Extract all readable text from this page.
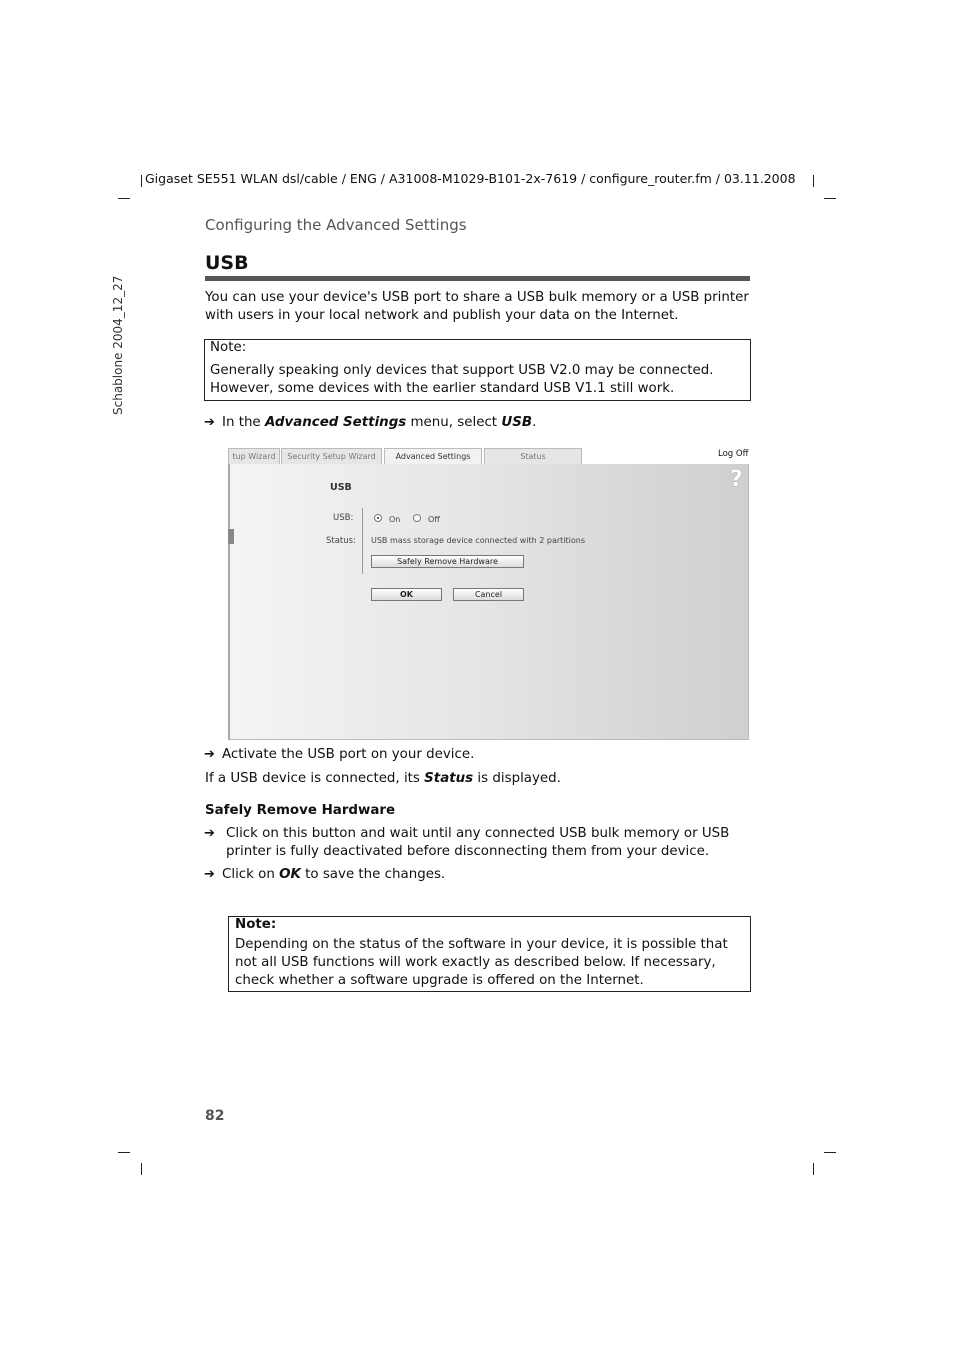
Gigaset SE551 WLAN dsl/cable / ENG / A31008-M1029-B101-2x-7619 / configure_router.fm / 03.11.2008
Schablone 2004_12_27
Configuring the Advanced Settings
USB
You can use your device's USB port to share a USB bulk memory or a USB printer with users in your local network and publish your data on the Internet.
Note:
Generally speaking only devices that support USB V2.0 may be connected. However, some devices with the earlier standard USB V1.1 still work.
➔ In the Advanced Settings menu, select USB.
tup Wizard	Security Setup Wizard	Advanced Settings	Status	Log Off
?
USB
USB:	On	Off
Status: USB mass storage device connected with 2 partitions
Safely Remove Hardware
OK	Cancel
➔ Activate the USB port on your device.
If a USB device is connected, its Status is displayed.
Safely Remove Hardware
➔ Click on this button and wait until any connected USB bulk memory or USB printer is fully deactivated before disconnecting them from your device.
➔ Click on OK to save the changes.
Note:
Depending on the status of the software in your device, it is possible that not all USB functions will work exactly as described below. If necessary, check whether a software upgrade is offered on the Internet.
82
